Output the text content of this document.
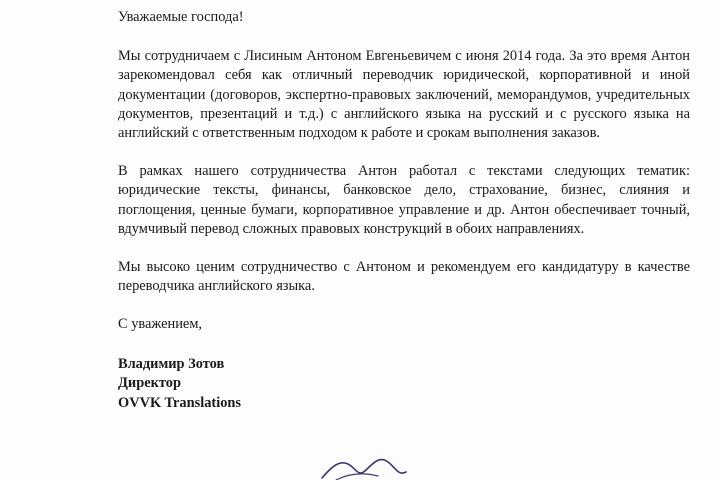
Уважаемые господа!

Мы сотрудничаем с Лисиным Антоном Евгеньевичем с июня 2014 года. За это время Антон зарекомендовал себя как отличный переводчик юридической, корпоративной и иной документации (договоров, экспертно-правовых заключений, меморандумов, учредительных документов, презентаций и т.д.) с английского языка на русский и с русского языка на английский с ответственным подходом к работе и срокам выполнения заказов.

В рамках нашего сотрудничества Антон работал с текстами следующих тематик: юридические тексты, финансы, банковское дело, страхование, бизнес, слияния и поглощения, ценные бумаги, корпоративное управление и др. Антон обеспечивает точный, вдумчивый перевод сложных правовых конструкций в обоих направлениях.

Мы высоко ценим сотрудничество с Антоном и рекомендуем его кандидатуру в качестве переводчика английского языка.

С уважением,

Владимир Зотов
Директор
OVVK Translations
